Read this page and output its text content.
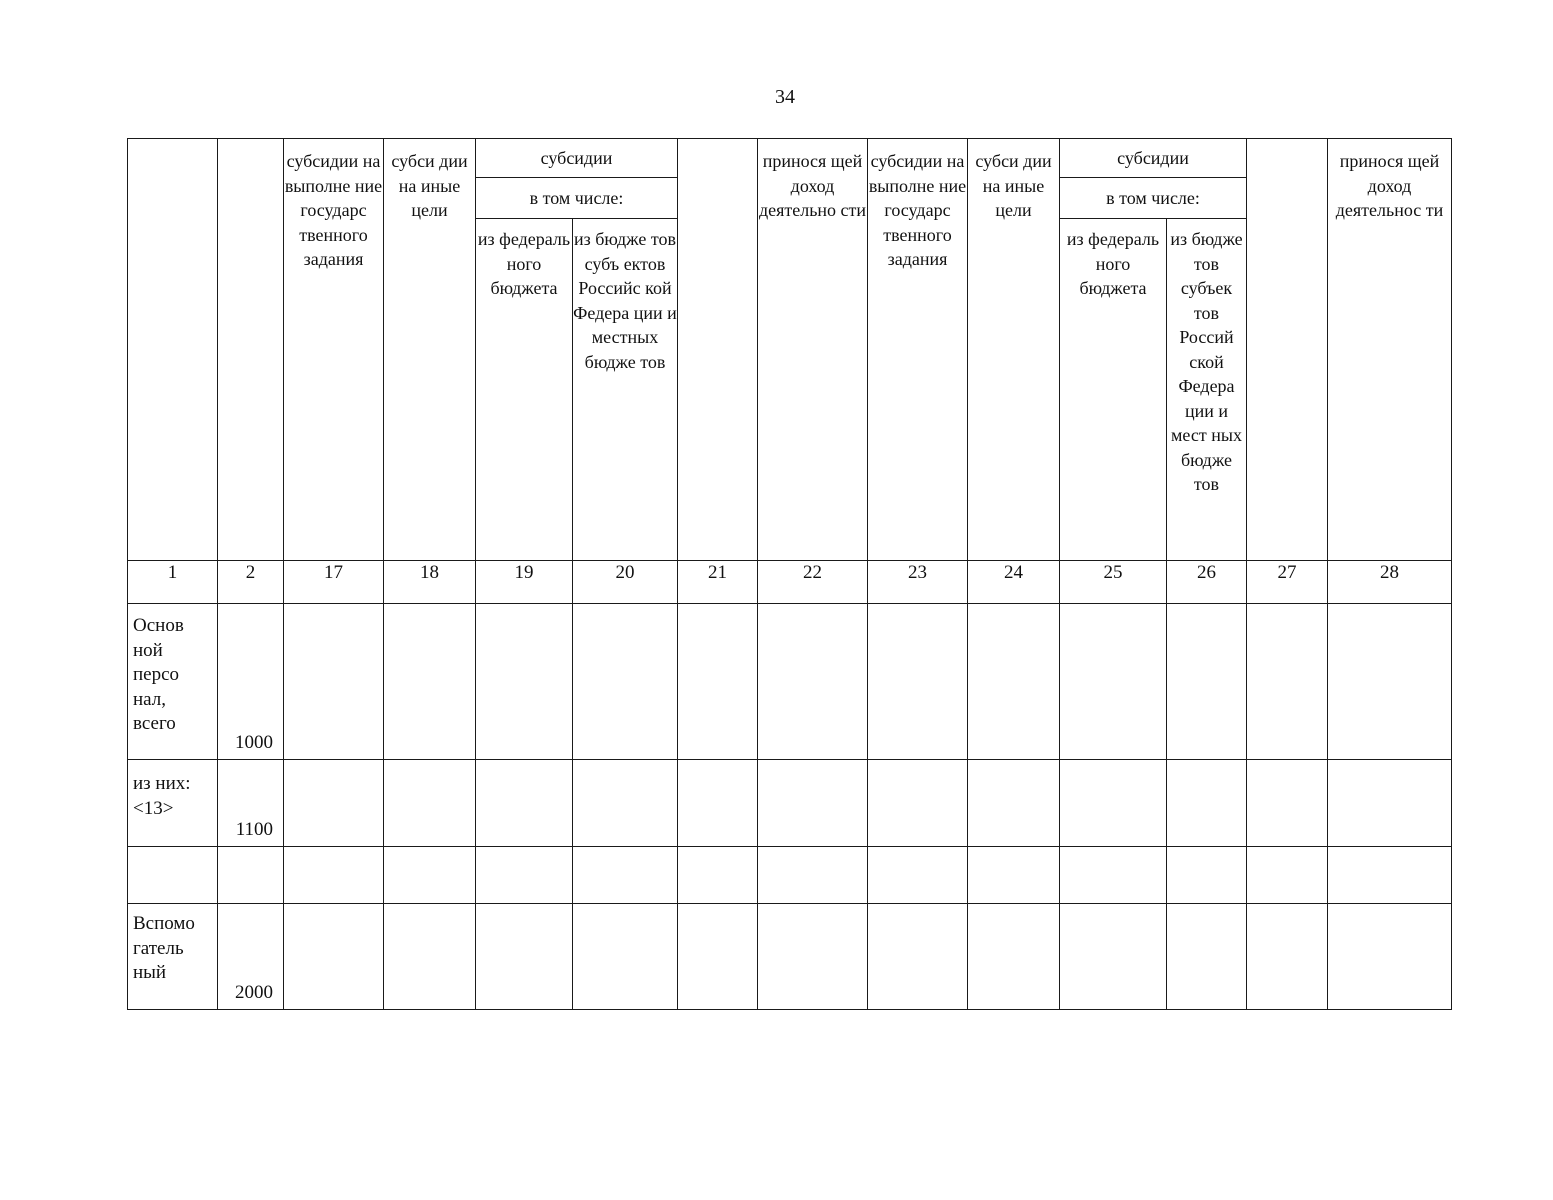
34
		субсидии на выполне ние государс твенного задания	субси дии на иные цели	субсидии			принося щей доход деятельно сти	субсидии на выполне ние государс твенного задания	субси дии на иные цели	субсидии			принося щей доход деятельнос ти
				в том числе:						в том числе:			
				из федераль ного бюджета	из бюдже тов субъ ектов Российс кой Федера ции и местных бюдже тов					из федераль ного бюджета	из бюдже тов субъек тов Россий ской Федера ции и мест ных бюдже тов		
1	2	17	18	19	20	21	22	23	24	25	26	27	28
Основ ной персо нал, всего	1000												
из них: <13>	1100												

Вспомо гатель ный	2000												
